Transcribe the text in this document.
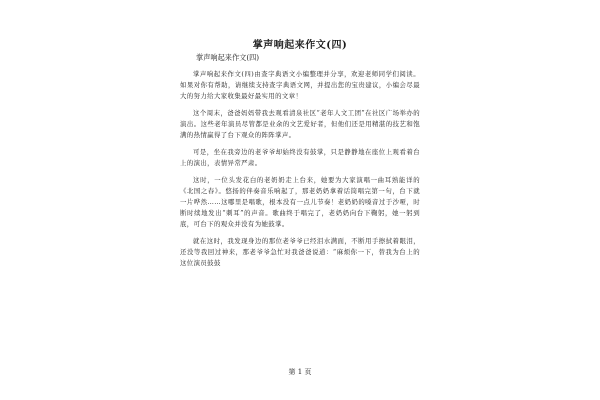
掌声响起来作文(四)
掌声响起来作文(四)

掌声响起来作文(四)由查字典语文小编整理并分享，欢迎老师同学们阅读。如果对你有帮助，请继续支持查字典语文网，并提出您的宝贵建议，小编会尽最大的努力给大家收集最好最实用的文章！

这个周末，爸爸妈妈带我去观看清泉社区“老年人文工团”在社区广场举办的演出。这些老年演员尽管都是业余的文艺爱好者，但他们还是用精湛的技艺和饱满的热情赢得了台下观众的阵阵掌声。

可是，坐在我旁边的老爷爷却始终没有鼓掌，只是静静地在座位上观看着台上的演出，表情异常严肃。

这时，一位头发花白的老奶奶走上台来，她要为大家演唱一曲耳熟能详的《北国之春》。悠扬的伴奏音乐响起了，那老奶奶拿着话筒唱完第一句，台下就一片哗然……这哪里是唱歌，根本没有一点儿节奏！老奶奶的嗓音过于沙哑，时断时续地发出“刺耳”的声音。歌曲终于唱完了，老奶奶向台下鞠躬，她一躬到底，可台下的观众并没有为她鼓掌。

就在这时，我发现身边的那位老爷爷已经泪水满面，不断用手擦拭着眼泪，还没等我回过神来，那老爷爷急忙对我爸爸说道：“麻烦你一下，替我为台上的这位演员鼓鼓

第 1 页
